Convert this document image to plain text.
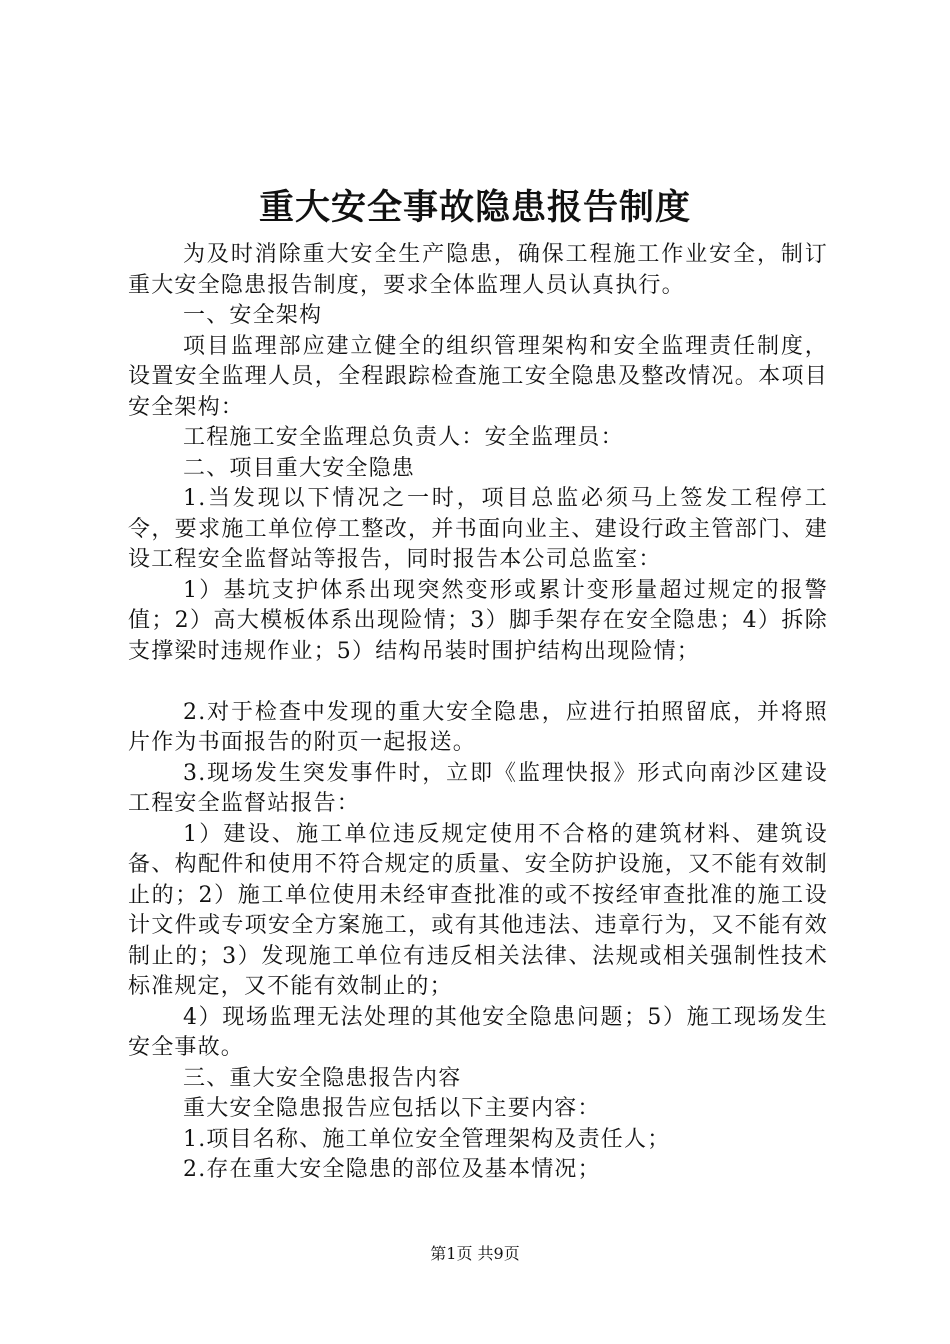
重大安全事故隐患报告制度

为及时消除重大安全生产隐患，确保工程施工作业安全，制订重大安全隐患报告制度，要求全体监理人员认真执行。

一、安全架构

项目监理部应建立健全的组织管理架构和安全监理责任制度，设置安全监理人员，全程跟踪检查施工安全隐患及整改情况。本项目安全架构：

工程施工安全监理总负责人：安全监理员：

二、项目重大安全隐患

1.当发现以下情况之一时，项目总监必须马上签发工程停工令，要求施工单位停工整改，并书面向业主、建设行政主管部门、建设工程安全监督站等报告，同时报告本公司总监室：

1）基坑支护体系出现突然变形或累计变形量超过规定的报警值；2）高大模板体系出现险情；3）脚手架存在安全隐患；4）拆除支撑梁时违规作业；5）结构吊装时围护结构出现险情；

2.对于检查中发现的重大安全隐患，应进行拍照留底，并将照片作为书面报告的附页一起报送。

3.现场发生突发事件时，立即《监理快报》形式向南沙区建设工程安全监督站报告：

1）建设、施工单位违反规定使用不合格的建筑材料、建筑设备、构配件和使用不符合规定的质量、安全防护设施，又不能有效制止的；2）施工单位使用未经审查批准的或不按经审查批准的施工设计文件或专项安全方案施工，或有其他违法、违章行为，又不能有效制止的；3）发现施工单位有违反相关法律、法规或相关强制性技术标准规定，又不能有效制止的；

4）现场监理无法处理的其他安全隐患问题；5）施工现场发生安全事故。

三、重大安全隐患报告内容

重大安全隐患报告应包括以下主要内容：

1.项目名称、施工单位安全管理架构及责任人；

2.存在重大安全隐患的部位及基本情况；

第1页 共9页
